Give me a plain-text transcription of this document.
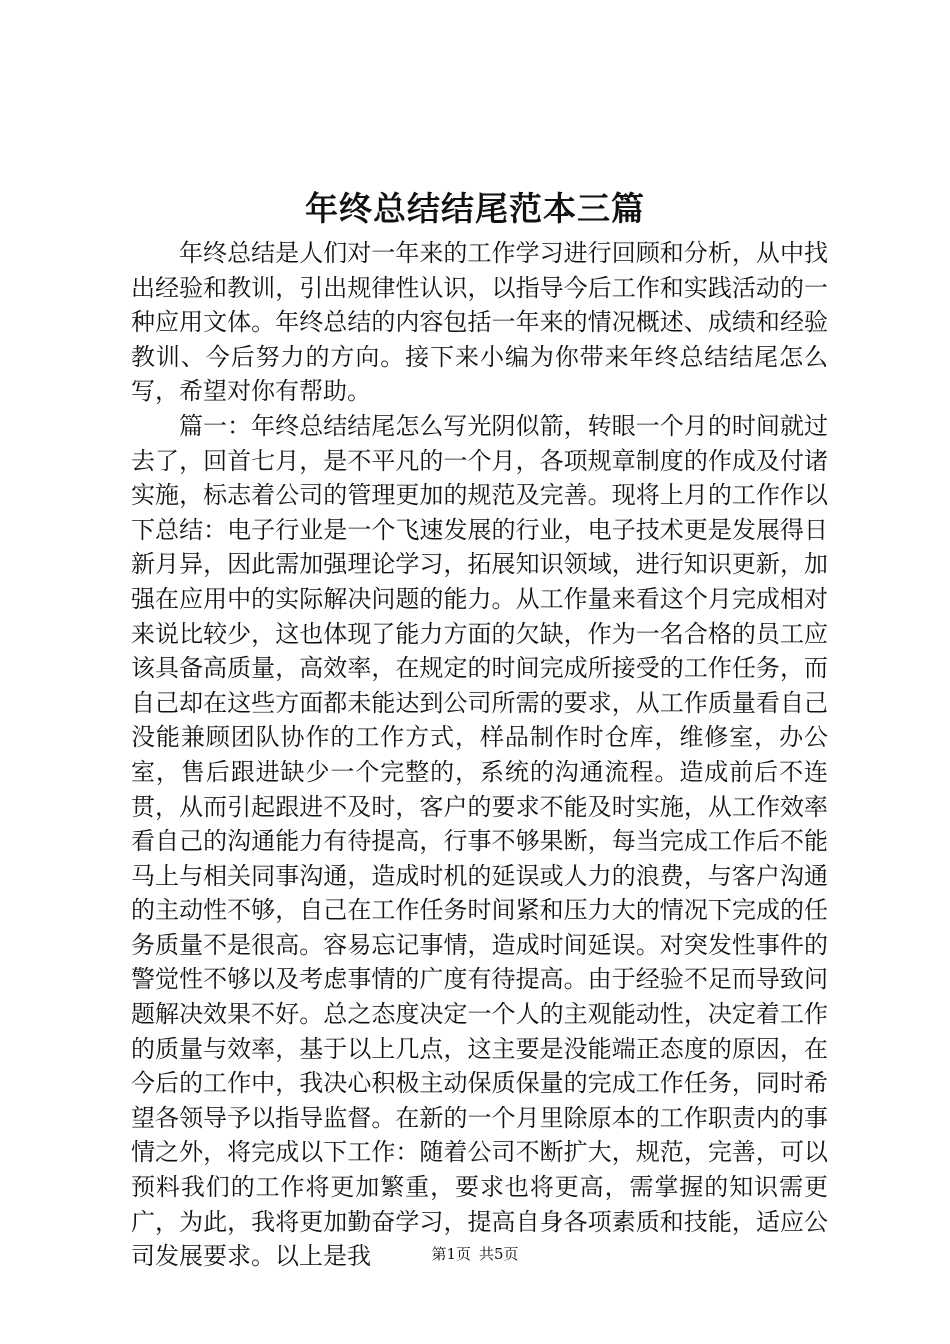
年终总结结尾范本三篇

年终总结是人们对一年来的工作学习进行回顾和分析，从中找出经验和教训，引出规律性认识，以指导今后工作和实践活动的一种应用文体。年终总结的内容包括一年来的情况概述、成绩和经验教训、今后努力的方向。接下来小编为你带来年终总结结尾怎么写，希望对你有帮助。

篇一：年终总结结尾怎么写光阴似箭，转眼一个月的时间就过去了，回首七月，是不平凡的一个月，各项规章制度的作成及付诸实施，标志着公司的管理更加的规范及完善。现将上月的工作作以下总结：电子行业是一个飞速发展的行业，电子技术更是发展得日新月异，因此需加强理论学习，拓展知识领域，进行知识更新，加强在应用中的实际解决问题的能力。从工作量来看这个月完成相对来说比较少，这也体现了能力方面的欠缺，作为一名合格的员工应该具备高质量，高效率，在规定的时间完成所接受的工作任务，而自己却在这些方面都未能达到公司所需的要求，从工作质量看自己没能兼顾团队协作的工作方式，样品制作时仓库，维修室，办公室，售后跟进缺少一个完整的，系统的沟通流程。造成前后不连贯，从而引起跟进不及时，客户的要求不能及时实施，从工作效率看自己的沟通能力有待提高，行事不够果断，每当完成工作后不能马上与相关同事沟通，造成时机的延误或人力的浪费，与客户沟通的主动性不够，自己在工作任务时间紧和压力大的情况下完成的任务质量不是很高。容易忘记事情，造成时间延误。对突发性事件的警觉性不够以及考虑事情的广度有待提高。由于经验不足而导致问题解决效果不好。总之态度决定一个人的主观能动性，决定着工作的质量与效率，基于以上几点，这主要是没能端正态度的原因，在今后的工作中，我决心积极主动保质保量的完成工作任务，同时希望各领导予以指导监督。在新的一个月里除原本的工作职责内的事情之外，将完成以下工作：随着公司不断扩大，规范，完善，可以预料我们的工作将更加繁重，要求也将更高，需掌握的知识需更广，为此，我将更加勤奋学习，提高自身各项素质和技能，适应公司发展要求。以上是我	第1页 共5页
